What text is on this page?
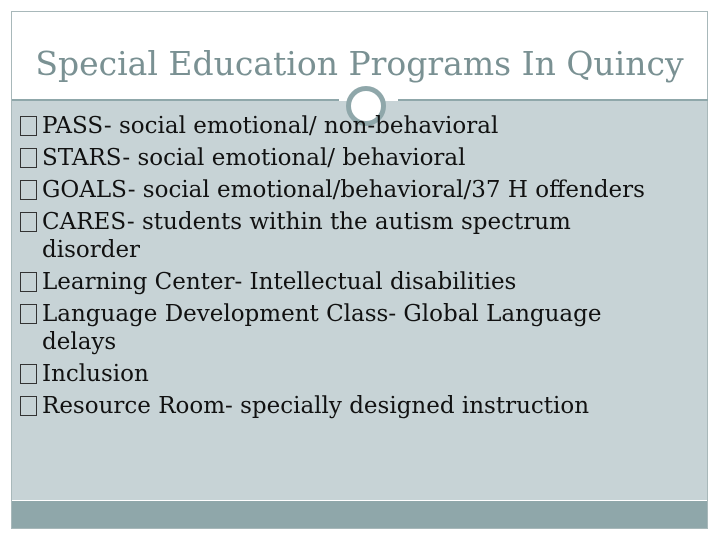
Special Education Programs In Quincy
PASS- social emotional/ non-behavioral
STARS- social emotional/ behavioral
GOALS- social emotional/behavioral/37 H offenders
CARES- students within the autism spectrum disorder
Learning Center- Intellectual disabilities
Language Development Class- Global Language delays
Inclusion
Resource Room- specially designed instruction
